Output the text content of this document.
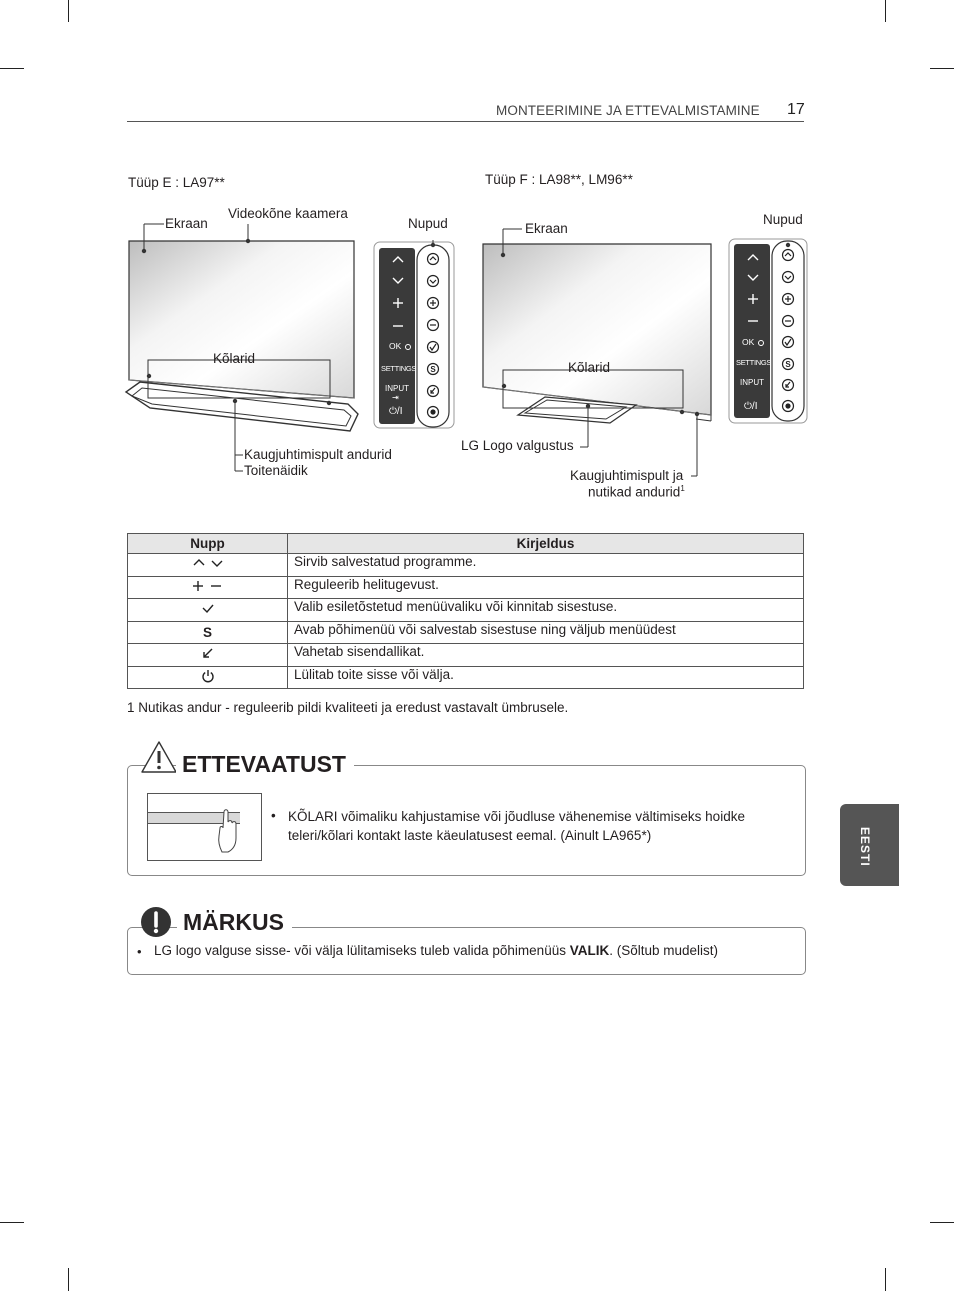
MONTEERIMINE JA ETTEVALMISTAMINE 17
Tüüp E : LA97**
Ekraan
Videokõne kaamera
Nupud
Kõlarid
Kaugjuhtimispult andurid
Toitenäidik
S
OK
SETTINGS
INPUT
⇥
⏻/I
Tüüp F : LA98**, LM96**
Ekraan
Nupud
Kõlarid
LG Logo valgustus
Kaugjuhtimispult ja
nutikad andurid$^1$
S
OK
SETTINGS
INPUT
⏻/I
Nupp	Kirjeldus
	Sirvib salvestatud programme.
	Reguleerib helitugevust.
	Valib esiletõstetud menüüvaliku või kinnitab sisestuse.
S	Avab põhimenüü või salvestab sisestuse ning väljub menüüdest
	Vahetab sisendallikat.
	Lülitab toite sisse või välja.
1 Nutikas andur - reguleerib pildi kvaliteeti ja eredust vastavalt ümbrusele.
ETTEVAATUST
• KÕLARI võimaliku kahjustamise või jõudluse vähenemise vältimiseks hoidke teleri/kõlari kontakt laste käeulatusest eemal. (Ainult LA965*)
MÄRKUS
• LG logo valguse sisse- või välja lülitamiseks tuleb valida põhimenüüs VALIK. (Sõltub mudelist)
EESTI
